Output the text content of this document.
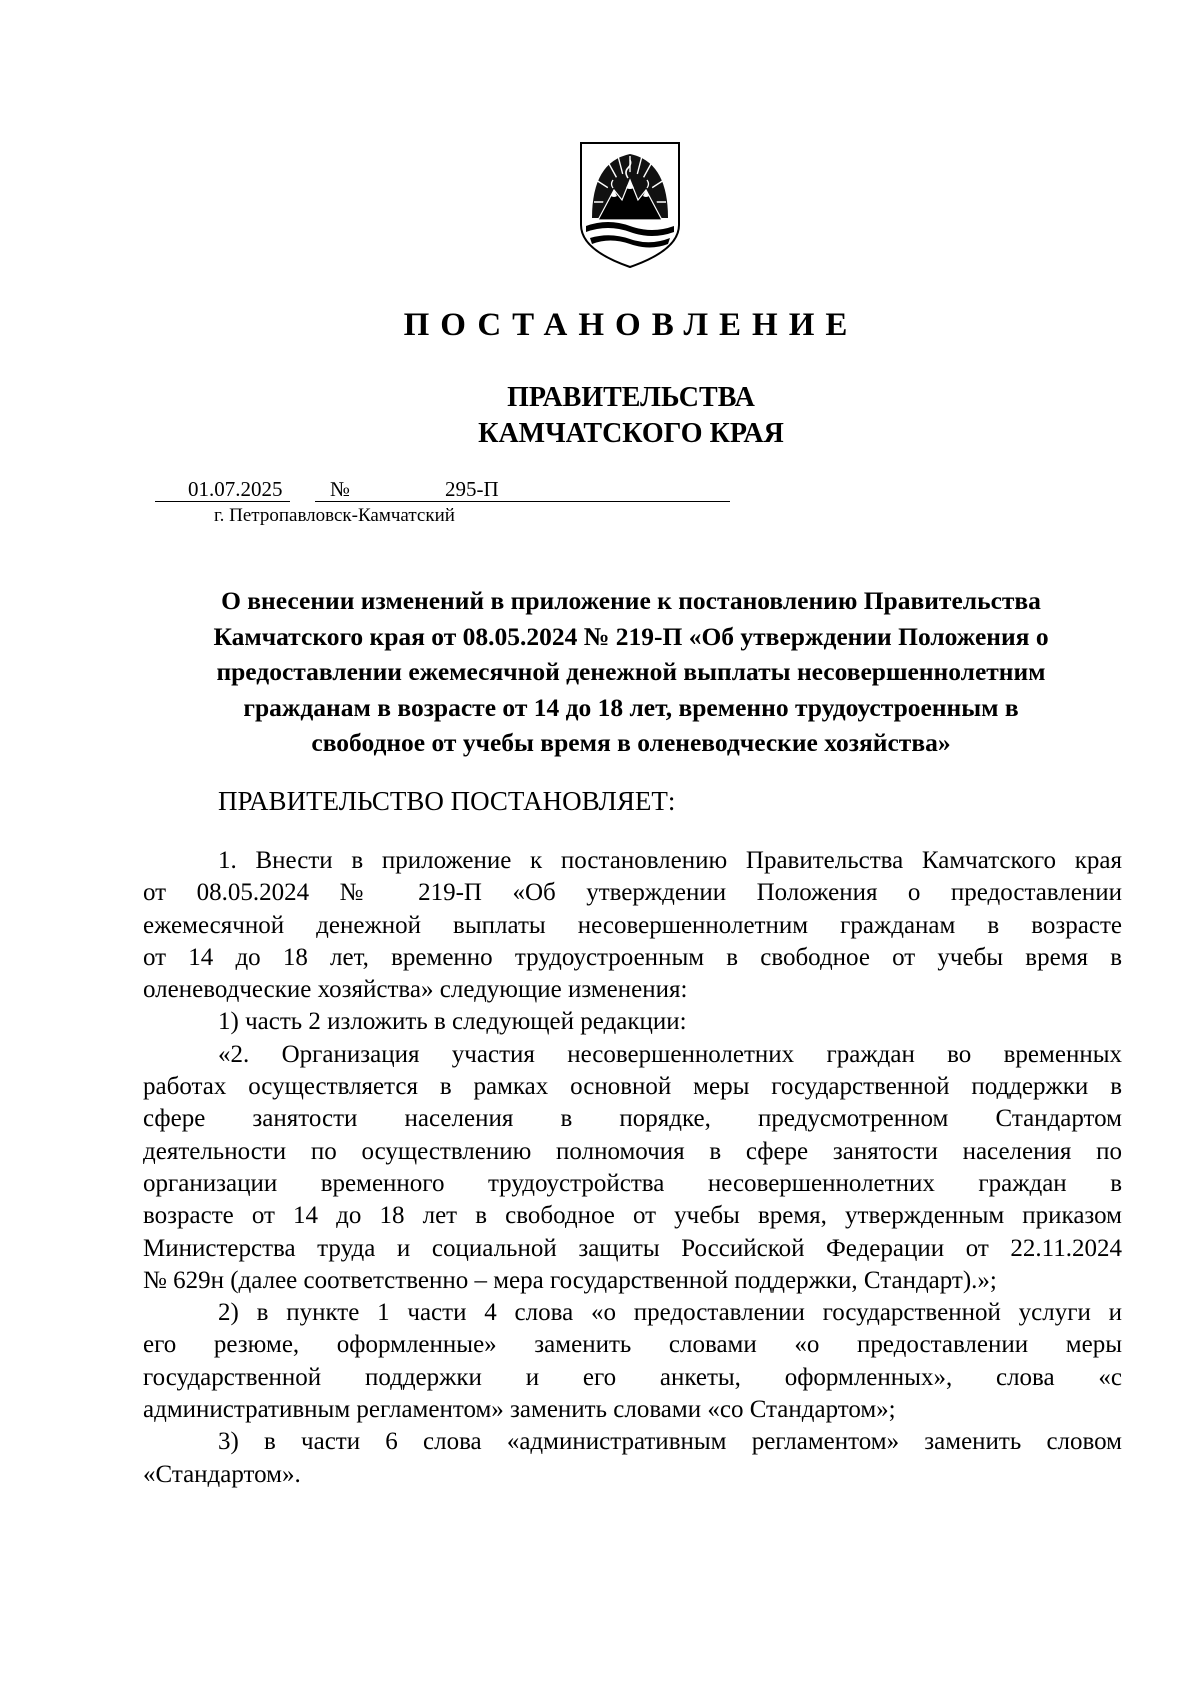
ПОСТАНОВЛЕНИЕ
ПРАВИТЕЛЬСТВА
КАМЧАТСКОГО КРАЯ
01.07.2025 №	295-П
г. Петропавловск-Камчатский
О внесении изменений в приложение к постановлению Правительства
Камчатского края от 08.05.2024 № 219-П «Об утверждении Положения о
предоставлении ежемесячной денежной выплаты несовершеннолетним
гражданам в возрасте от 14 до 18 лет, временно трудоустроенным в
свободное от учебы время в оленеводческие хозяйства»
ПРАВИТЕЛЬСТВО ПОСТАНОВЛЯЕТ:
1. Внести в приложение к постановлению Правительства Камчатского края
от 08.05.2024 № 219-П «Об утверждении Положения о предоставлении
ежемесячной денежной выплаты несовершеннолетним гражданам в возрасте
от 14 до 18 лет, временно трудоустроенным в свободное от учебы время в
оленеводческие хозяйства» следующие изменения:
1) часть 2 изложить в следующей редакции:
«2. Организация участия несовершеннолетних граждан во временных
работах осуществляется в рамках основной меры государственной поддержки в
сфере занятости населения в порядке, предусмотренном Стандартом
деятельности по осуществлению полномочия в сфере занятости населения по
организации временного трудоустройства несовершеннолетних граждан в
возрасте от 14 до 18 лет в свободное от учебы время, утвержденным приказом
Министерства труда и социальной защиты Российской Федерации от 22.11.2024
№ 629н (далее соответственно – мера государственной поддержки, Стандарт).»;
2) в пункте 1 части 4 слова «о предоставлении государственной услуги и
его резюме, оформленные» заменить словами «о предоставлении меры
государственной поддержки и его анкеты, оформленных», слова «с
административным регламентом» заменить словами «со Стандартом»;
3) в части 6 слова «административным регламентом» заменить словом
«Стандартом».
